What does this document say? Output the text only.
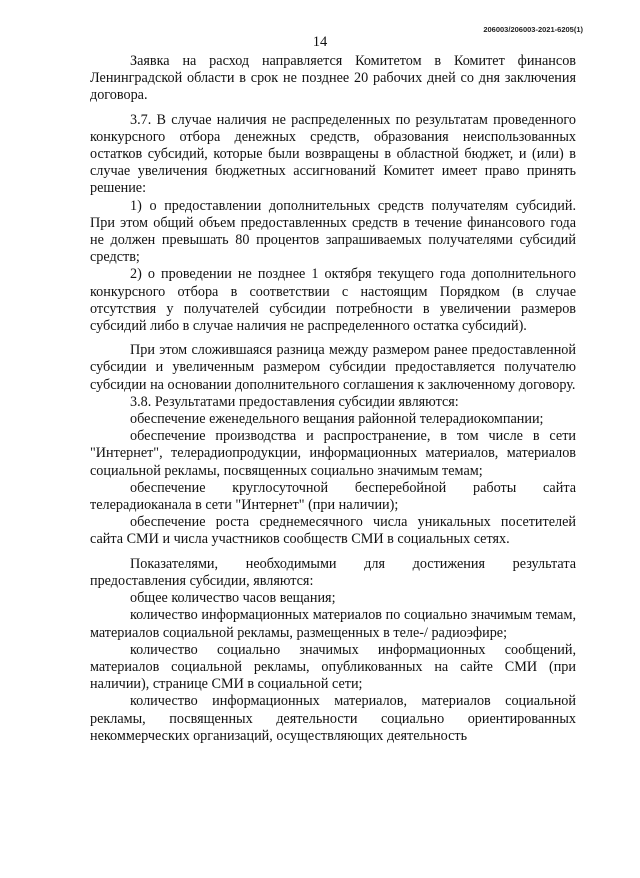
206003/206003-2021-6205(1)
14

Заявка на расход направляется Комитетом в Комитет финансов Ленинградской области в срок не позднее 20 рабочих дней со дня заключения договора.

3.7. В случае наличия не распределенных по результатам проведенного конкурсного отбора денежных средств, образования неиспользованных остатков субсидий, которые были возвращены в областной бюджет, и (или) в случае увеличения бюджетных ассигнований Комитет имеет право принять решение:

1) о предоставлении дополнительных средств получателям субсидий. При этом общий объем предоставленных средств в течение финансового года не должен превышать 80 процентов запрашиваемых получателями субсидий средств;

2) о проведении не позднее 1 октября текущего года дополнительного конкурсного отбора в соответствии с настоящим Порядком (в случае отсутствия у получателей субсидии потребности в увеличении размеров субсидий либо в случае наличия не распределенного остатка субсидий).

При этом сложившаяся разница между размером ранее предоставленной субсидии и увеличенным размером субсидии предоставляется получателю субсидии на основании дополнительного соглашения к заключенному договору.

3.8. Результатами предоставления субсидии являются:

обеспечение еженедельного вещания районной телерадиокомпании;

обеспечение производства и распространение, в том числе в сети "Интернет", телерадиопродукции, информационных материалов, материалов социальной рекламы, посвященных социально значимым темам;

обеспечение круглосуточной бесперебойной работы сайта телерадиоканала в сети "Интернет" (при наличии);

обеспечение роста среднемесячного числа уникальных посетителей сайта СМИ и числа участников сообществ СМИ в социальных сетях.

Показателями, необходимыми для достижения результата предоставления субсидии, являются:

общее количество часов вещания;

количество информационных материалов по социально значимым темам, материалов социальной рекламы, размещенных в теле-/ радиоэфире;

количество социально значимых информационных сообщений, материалов социальной рекламы, опубликованных на сайте СМИ (при наличии), странице СМИ в социальной сети;

количество информационных материалов, материалов социальной рекламы, посвященных деятельности социально ориентированных некоммерческих организаций, осуществляющих деятельность
